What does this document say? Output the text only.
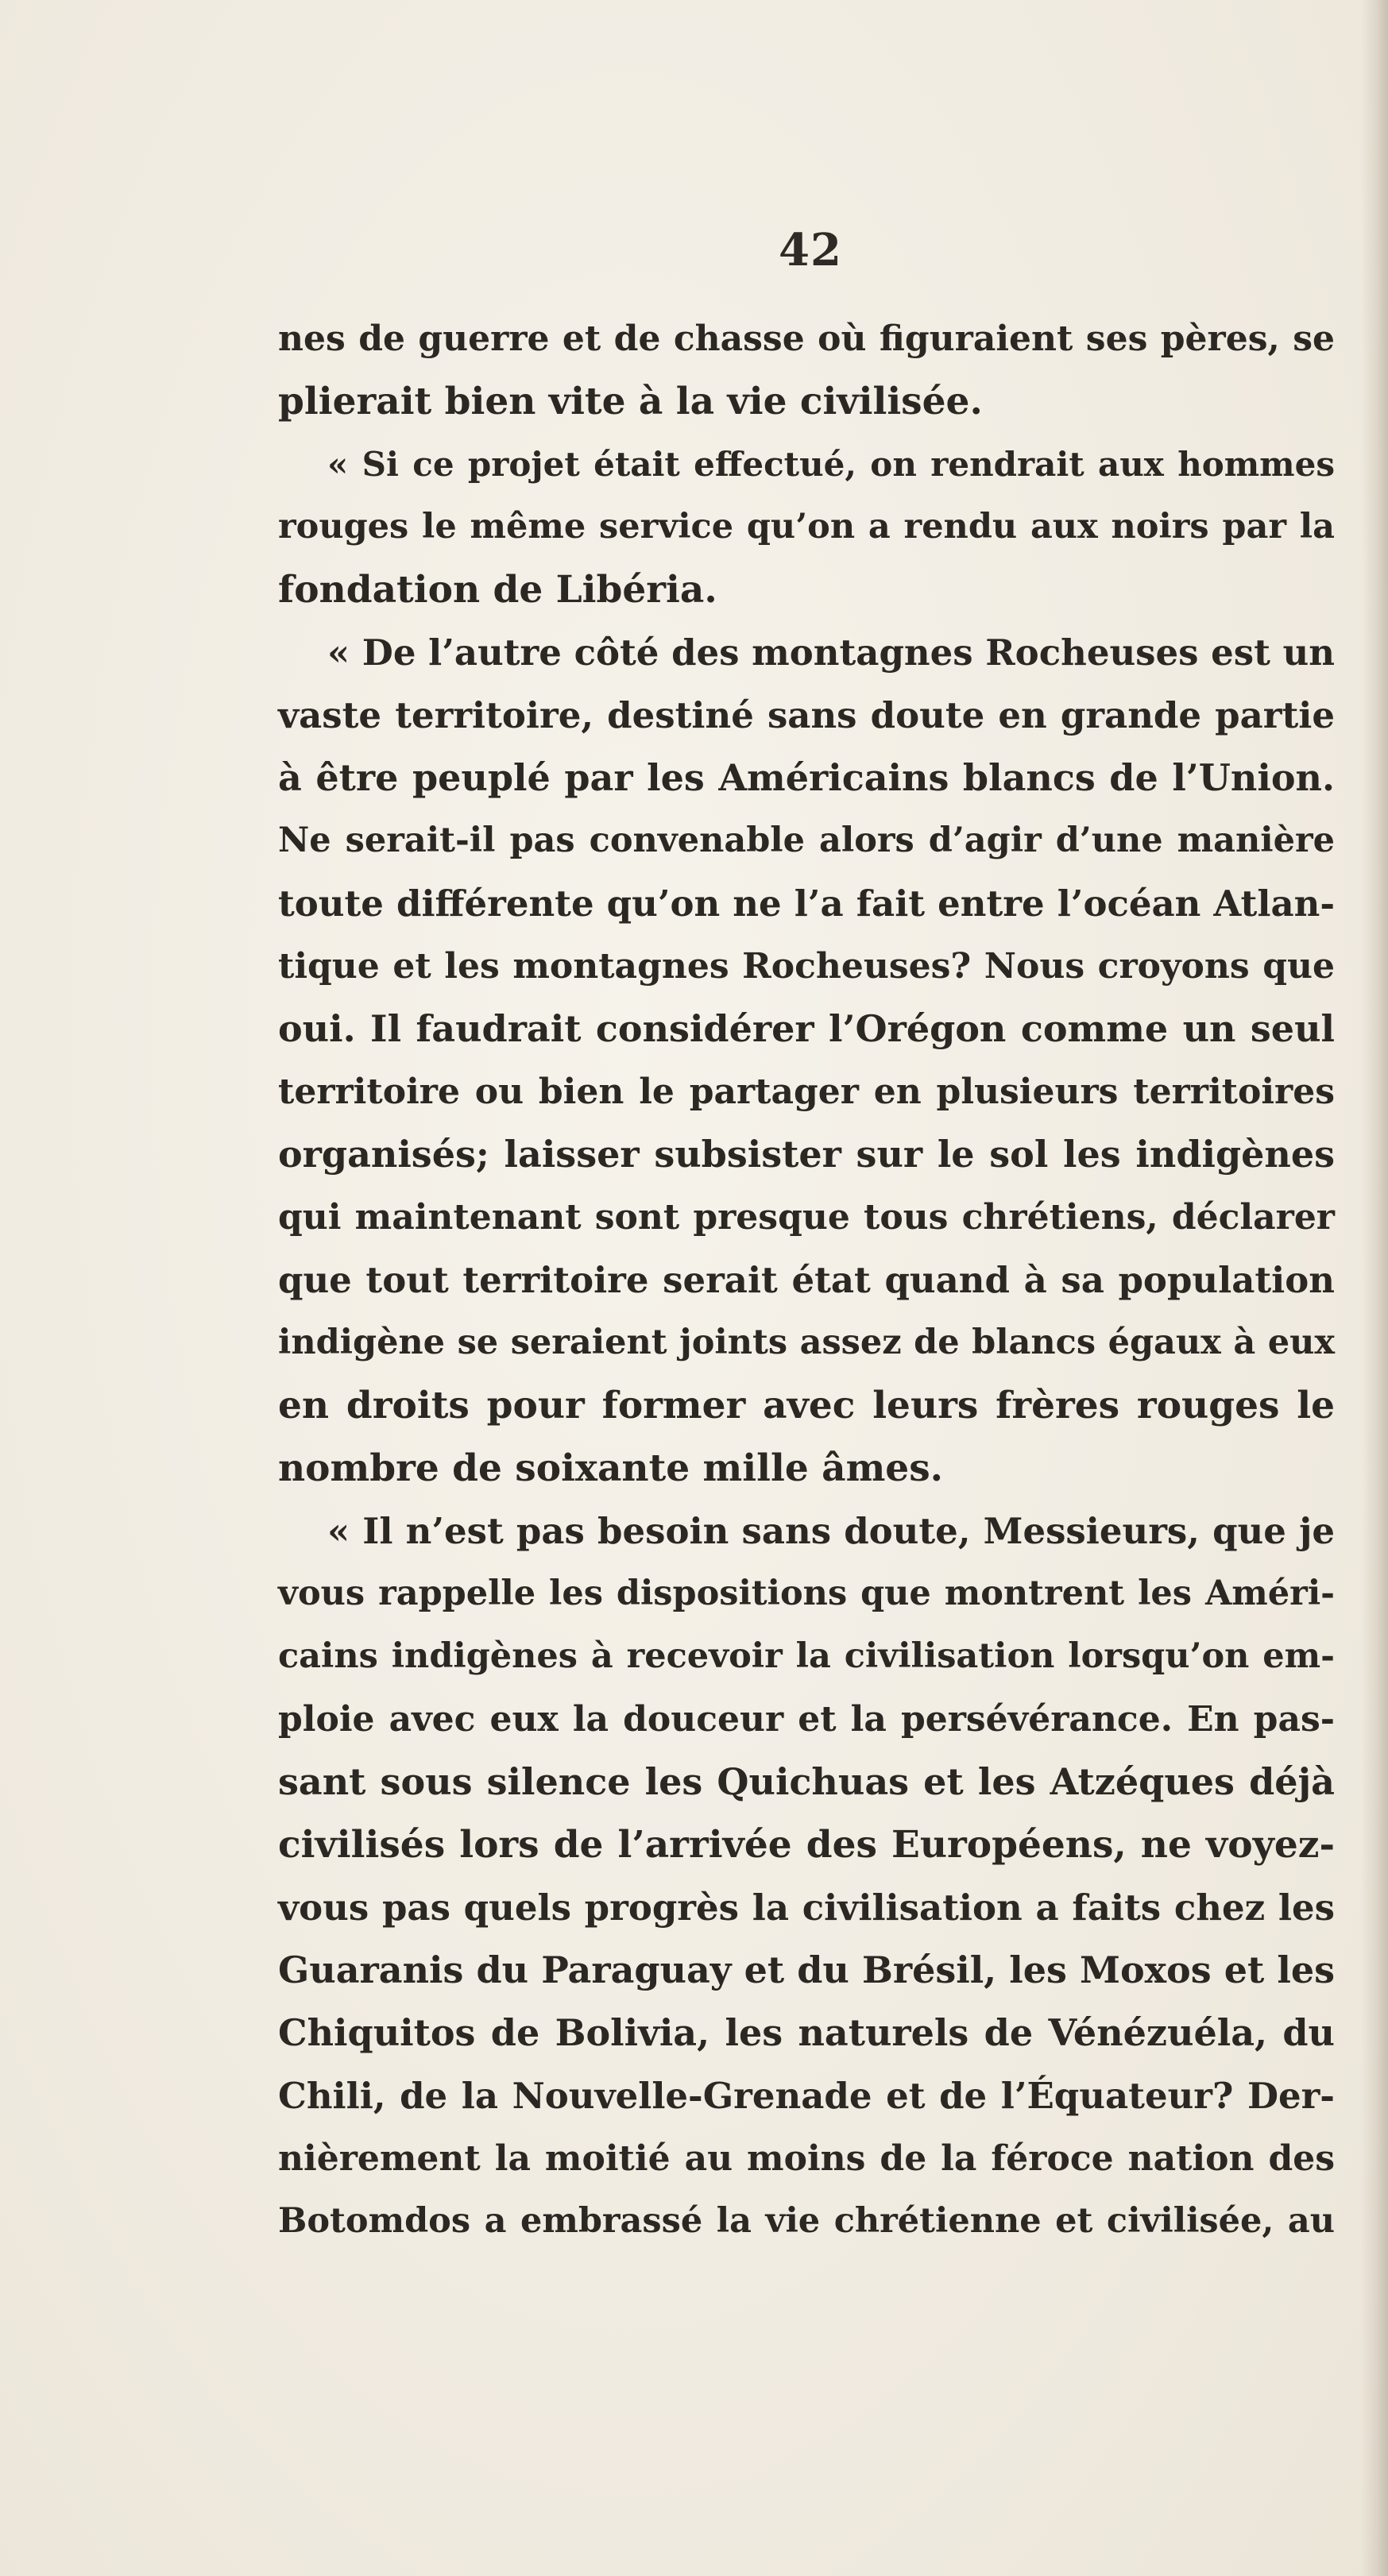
42
nes de guerre et de chasse où figuraient ses pères, se
plierait bien vite à la vie civilisée.
« Si ce projet était effectué, on rendrait aux hommes
rouges le même service qu’on a rendu aux noirs par la
fondation de Libéria.
« De l’autre côté des montagnes Rocheuses est un
vaste territoire, destiné sans doute en grande partie
à être peuplé par les Américains blancs de l’Union.
Ne serait-il pas convenable alors d’agir d’une manière
toute différente qu’on ne l’a fait entre l’océan Atlan-
tique et les montagnes Rocheuses? Nous croyons que
oui. Il faudrait considérer l’Orégon comme un seul
territoire ou bien le partager en plusieurs territoires
organisés; laisser subsister sur le sol les indigènes
qui maintenant sont presque tous chrétiens, déclarer
que tout territoire serait état quand à sa population
indigène se seraient joints assez de blancs égaux à eux
en droits pour former avec leurs frères rouges le
nombre de soixante mille âmes.
« Il n’est pas besoin sans doute, Messieurs, que je
vous rappelle les dispositions que montrent les Améri-
cains indigènes à recevoir la civilisation lorsqu’on em-
ploie avec eux la douceur et la persévérance. En pas-
sant sous silence les Quichuas et les Atzéques déjà
civilisés lors de l’arrivée des Européens, ne voyez-
vous pas quels progrès la civilisation a faits chez les
Guaranis du Paraguay et du Brésil, les Moxos et les
Chiquitos de Bolivia, les naturels de Vénézuéla, du
Chili, de la Nouvelle-Grenade et de l’Équateur? Der-
nièrement la moitié au moins de la féroce nation des
Botomdos a embrassé la vie chrétienne et civilisée, au
